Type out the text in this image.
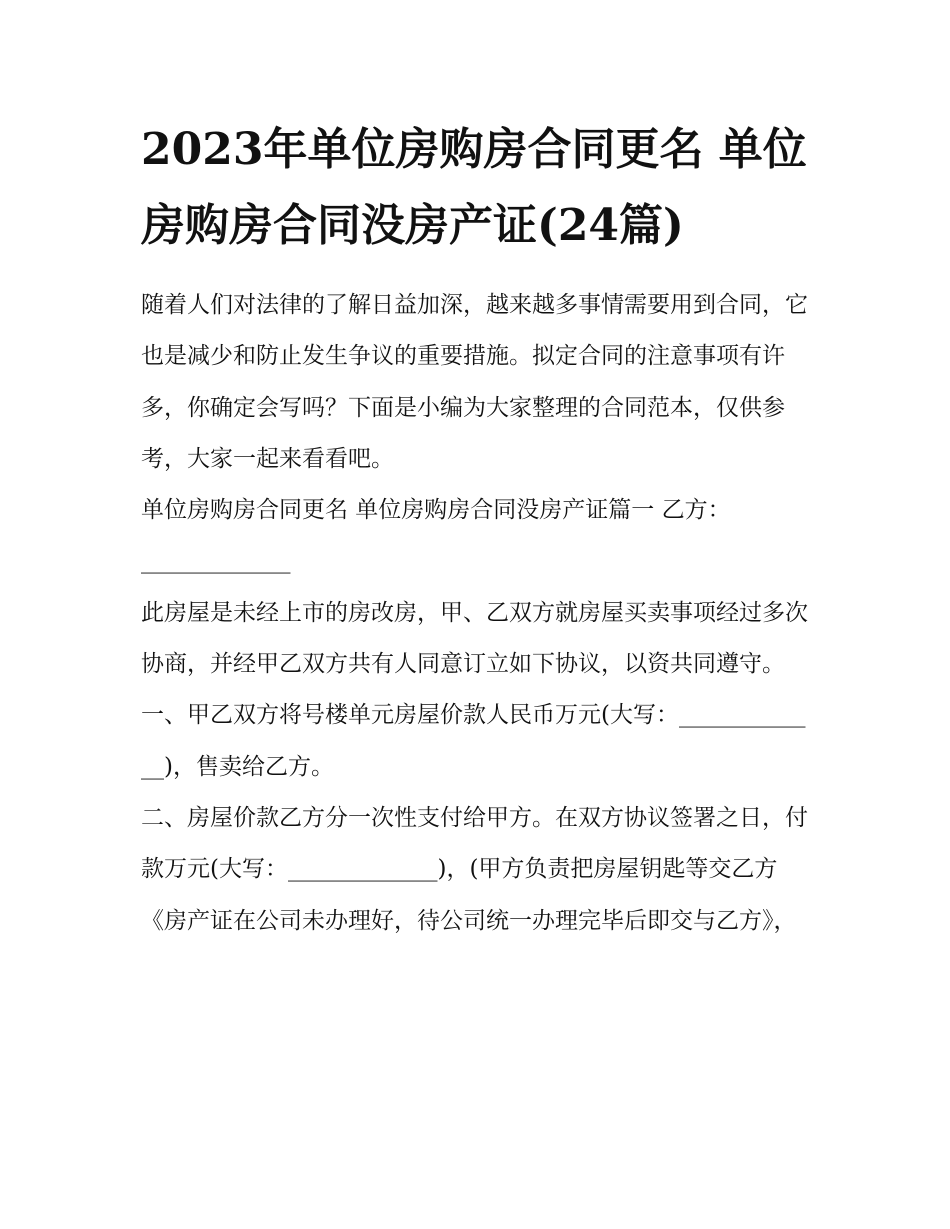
2023年单位房购房合同更名 单位房购房合同没房产证(24篇)

随着人们对法律的了解日益加深，越来越多事情需要用到合同，它也是减少和防止发生争议的重要措施。拟定合同的注意事项有许多，你确定会写吗？下面是小编为大家整理的合同范本，仅供参考，大家一起来看看吧。

单位房购房合同更名 单位房购房合同没房产证篇一 乙方：

_____________

此房屋是未经上市的房改房，甲、乙双方就房屋买卖事项经过多次协商，并经甲乙双方共有人同意订立如下协议，以资共同遵守。

一、甲乙双方将号楼单元房屋价款人民币万元(大写：_____________)，售卖给乙方。

二、房屋价款乙方分一次性支付给甲方。在双方协议签署之日，付款万元(大写：_____________)，(甲方负责把房屋钥匙等交乙方《房产证在公司未办理好，待公司统一办理完毕后即交与乙方》，
